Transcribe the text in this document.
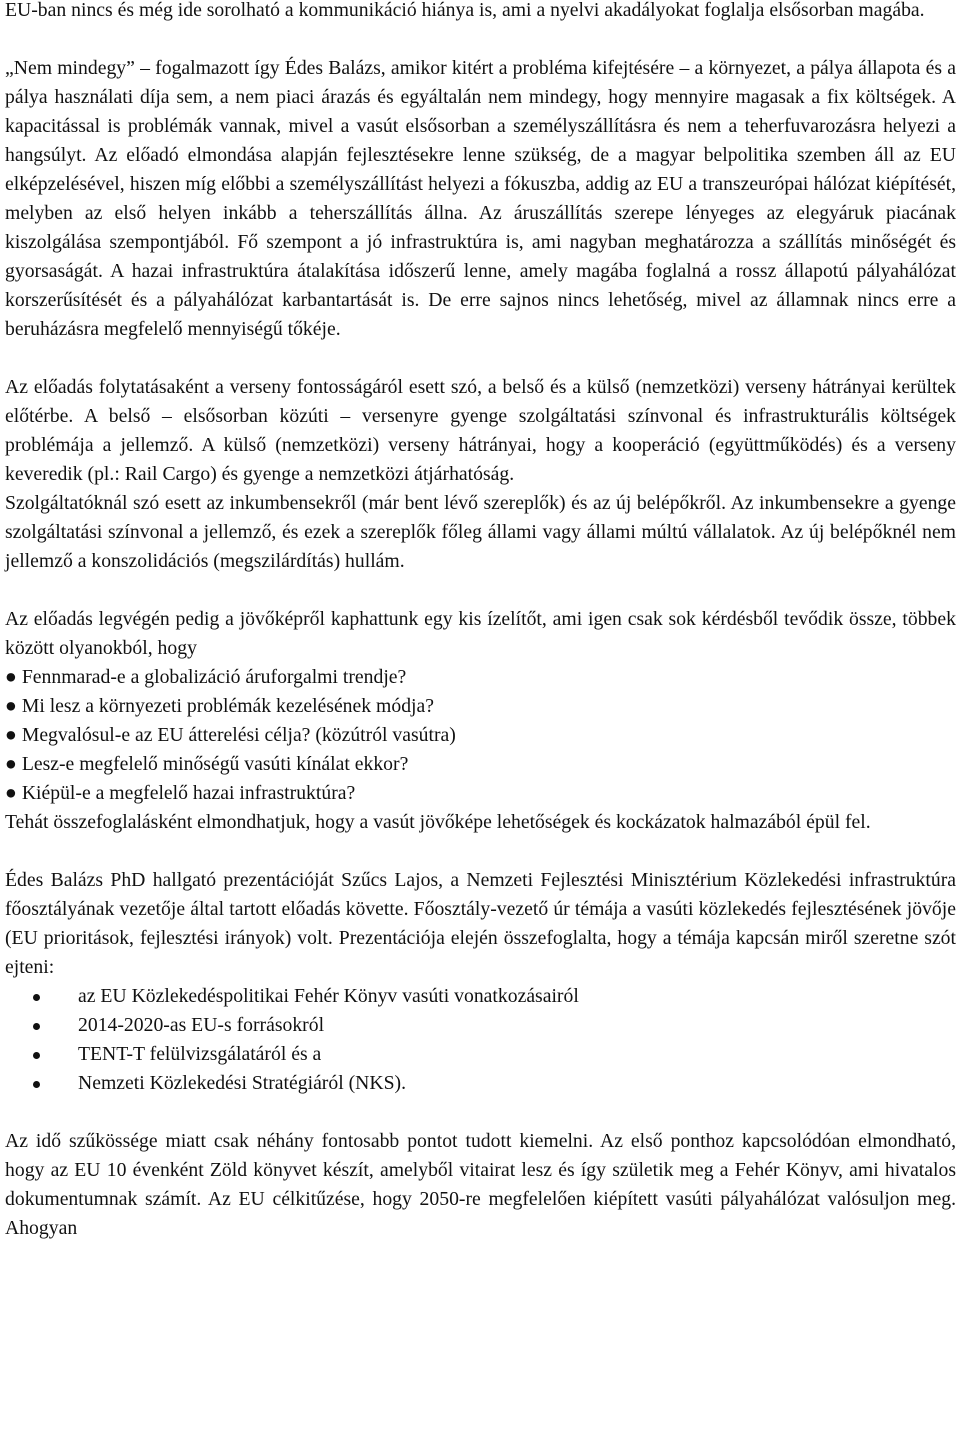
EU-ban nincs és még ide sorolható a kommunikáció hiánya is, ami a nyelvi akadályokat foglalja elsősorban magába.

„Nem mindegy” – fogalmazott így Édes Balázs, amikor kitért a probléma kifejtésére – a környezet, a pálya állapota és a pálya használati díja sem, a nem piaci árazás és egyáltalán nem mindegy, hogy mennyire magasak a fix költségek. A kapacitással is problémák vannak, mivel a vasút elsősorban a személyszállításra és nem a teherfuvarozásra helyezi a hangsúlyt. Az előadó elmondása alapján fejlesztésekre lenne szükség, de a magyar belpolitika szemben áll az EU elképzelésével, hiszen míg előbbi a személyszállítást helyezi a fókuszba, addig az EU a transzeurópai hálózat kiépítését, melyben az első helyen inkább a teherszállítás állna. Az áruszállítás szerepe lényeges az elegyáruk piacának kiszolgálása szempontjából. Fő szempont a jó infrastruktúra is, ami nagyban meghatározza a szállítás minőségét és gyorsaságát. A hazai infrastruktúra átalakítása időszerű lenne, amely magába foglalná a rossz állapotú pályahálózat korszerűsítését és a pályahálózat karbantartását is. De erre sajnos nincs lehetőség, mivel az államnak nincs erre a beruházásra megfelelő mennyiségű tőkéje.

Az előadás folytatásaként a verseny fontosságáról esett szó, a belső és a külső (nemzetközi) verseny hátrányai kerültek előtérbe. A belső – elsősorban közúti – versenyre gyenge szolgáltatási színvonal és infrastrukturális költségek problémája a jellemző. A külső (nemzetközi) verseny hátrányai, hogy a kooperáció (együttműködés) és a verseny keveredik (pl.: Rail Cargo) és gyenge a nemzetközi átjárhatóság.

Szolgáltatóknál szó esett az inkumbensekről (már bent lévő szereplők) és az új belépőkről. Az inkumbensekre a gyenge szolgáltatási színvonal a jellemző, és ezek a szereplők főleg állami vagy állami múltú vállalatok. Az új belépőknél nem jellemző a konszolidációs (megszilárdítás) hullám.

Az előadás legvégén pedig a jövőképről kaphattunk egy kis ízelítőt, ami igen csak sok kérdésből tevődik össze, többek között olyanokból, hogy

● Fennmarad-e a globalizáció áruforgalmi trendje?
● Mi lesz a környezeti problémák kezelésének módja?
● Megvalósul-e az EU átterelési célja? (közútról vasútra)
● Lesz-e megfelelő minőségű vasúti kínálat ekkor?
● Kiépül-e a megfelelő hazai infrastruktúra?

Tehát összefoglalásként elmondhatjuk, hogy a vasút jövőképe lehetőségek és kockázatok halmazából épül fel.

Édes Balázs PhD hallgató prezentációját Szűcs Lajos, a Nemzeti Fejlesztési Minisztérium Közlekedési infrastruktúra főosztályának vezetője által tartott előadás követte. Főosztály-vezető úr témája a vasúti közlekedés fejlesztésének jövője (EU prioritások, fejlesztési irányok) volt. Prezentációja elején összefoglalta, hogy a témája kapcsán miről szeretne szót ejteni:

az EU Közlekedéspolitikai Fehér Könyv vasúti vonatkozásairól
2014-2020-as EU-s forrásokról
TENT-T felülvizsgálatáról és a
Nemzeti Közlekedési Stratégiáról (NKS).

Az idő szűkössége miatt csak néhány fontosabb pontot tudott kiemelni. Az első ponthoz kapcsolódóan elmondható, hogy az EU 10 évenként Zöld könyvet készít, amelyből vitairat lesz és így születik meg a Fehér Könyv, ami hivatalos dokumentumnak számít. Az EU célkitűzése, hogy 2050-re megfelelően kiépített vasúti pályahálózat valósuljon meg. Ahogyan
